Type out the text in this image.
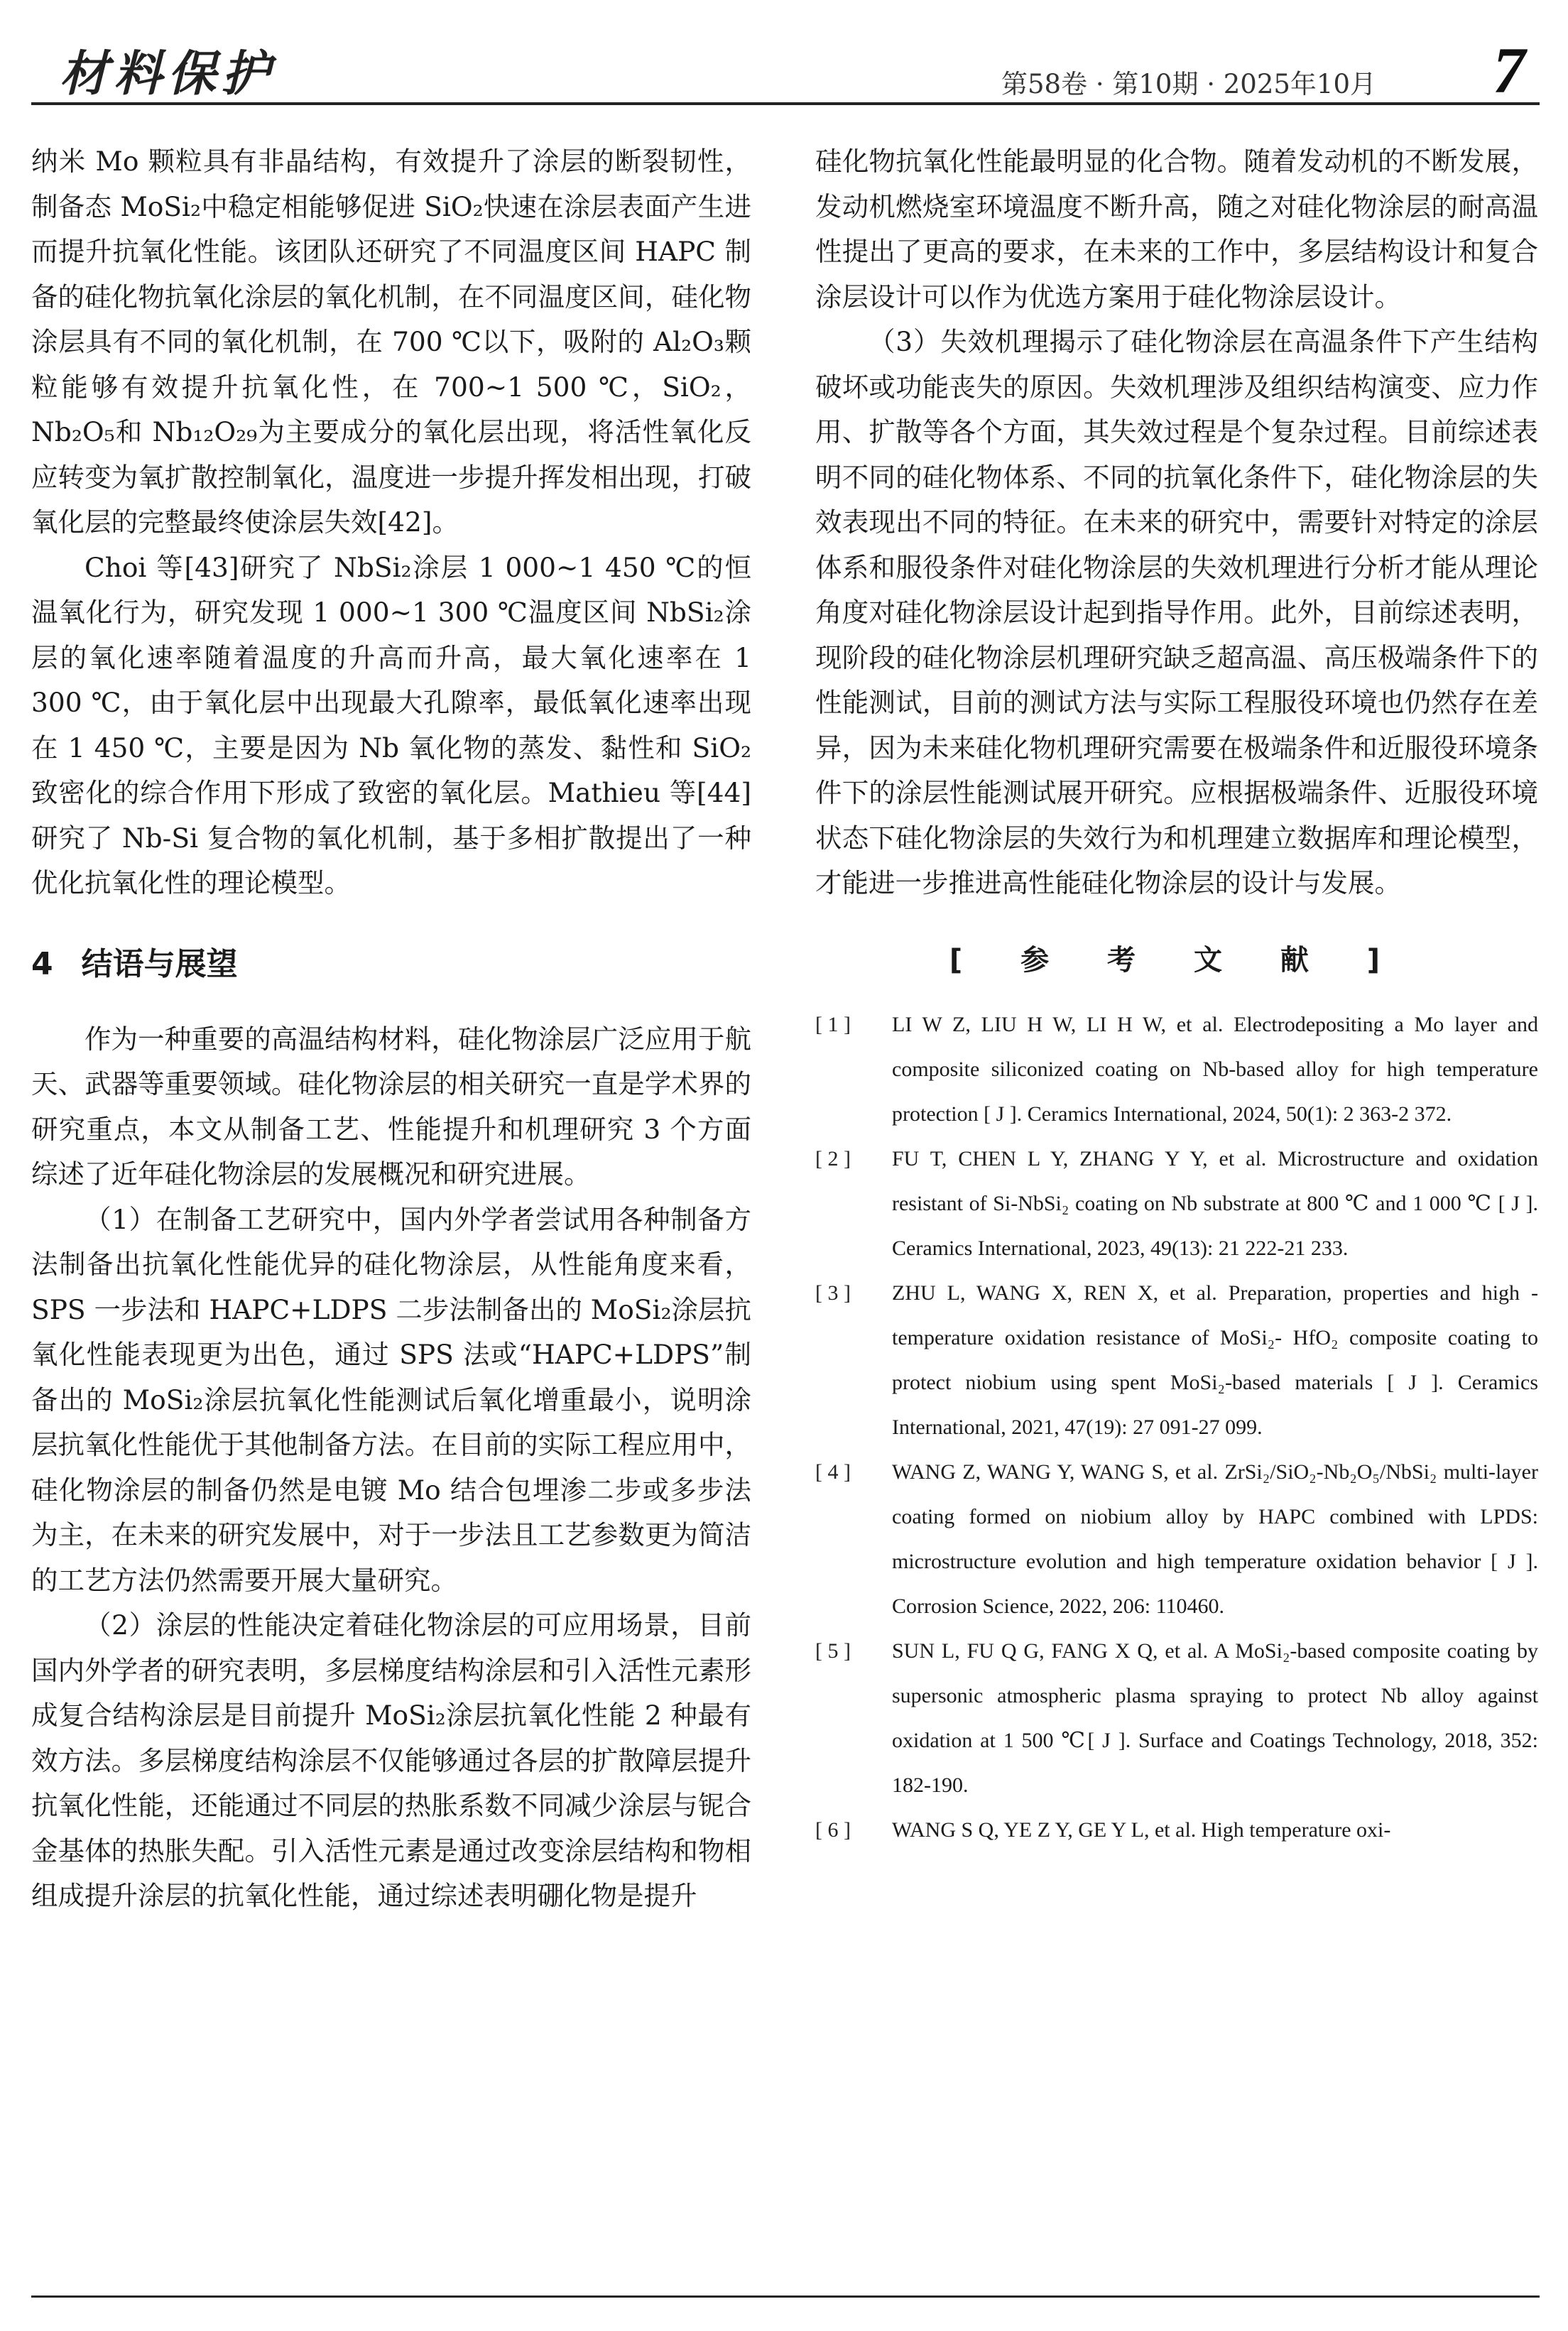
材料保护	第58卷 · 第10期 · 2025年10月 7

纳米 Mo 颗粒具有非晶结构，有效提升了涂层的断裂韧性，制备态 MoSi₂中稳定相能够促进 SiO₂快速在涂层表面产生进而提升抗氧化性能。该团队还研究了不同温度区间 HAPC 制备的硅化物抗氧化涂层的氧化机制，在不同温度区间，硅化物涂层具有不同的氧化机制，在 700 ℃以下，吸附的 Al₂O₃颗粒能够有效提升抗氧化性，在 700~1 500 ℃，SiO₂，Nb₂O₅和 Nb₁₂O₂₉为主要成分的氧化层出现，将活性氧化反应转变为氧扩散控制氧化，温度进一步提升挥发相出现，打破氧化层的完整最终使涂层失效[42]。

Choi 等[43]研究了 NbSi₂涂层 1 000~1 450 ℃的恒温氧化行为，研究发现 1 000~1 300 ℃温度区间 NbSi₂涂层的氧化速率随着温度的升高而升高，最大氧化速率在 1 300 ℃，由于氧化层中出现最大孔隙率，最低氧化速率出现在 1 450 ℃，主要是因为 Nb 氧化物的蒸发、黏性和 SiO₂致密化的综合作用下形成了致密的氧化层。Mathieu 等[44]研究了 Nb-Si 复合物的氧化机制，基于多相扩散提出了一种优化抗氧化性的理论模型。

4 结语与展望

作为一种重要的高温结构材料，硅化物涂层广泛应用于航天、武器等重要领域。硅化物涂层的相关研究一直是学术界的研究重点，本文从制备工艺、性能提升和机理研究 3 个方面综述了近年硅化物涂层的发展概况和研究进展。

（1）在制备工艺研究中，国内外学者尝试用各种制备方法制备出抗氧化性能优异的硅化物涂层，从性能角度来看，SPS 一步法和 HAPC+LDPS 二步法制备出的 MoSi₂涂层抗氧化性能表现更为出色，通过 SPS 法或“HAPC+LDPS”制备出的 MoSi₂涂层抗氧化性能测试后氧化增重最小，说明涂层抗氧化性能优于其他制备方法。在目前的实际工程应用中，硅化物涂层的制备仍然是电镀 Mo 结合包埋渗二步或多步法为主，在未来的研究发展中，对于一步法且工艺参数更为简洁的工艺方法仍然需要开展大量研究。

（2）涂层的性能决定着硅化物涂层的可应用场景，目前国内外学者的研究表明，多层梯度结构涂层和引入活性元素形成复合结构涂层是目前提升 MoSi₂涂层抗氧化性能 2 种最有效方法。多层梯度结构涂层不仅能够通过各层的扩散障层提升抗氧化性能，还能通过不同层的热胀系数不同减少涂层与铌合金基体的热胀失配。引入活性元素是通过改变涂层结构和物相组成提升涂层的抗氧化性能，通过综述表明硼化物是提升

硅化物抗氧化性能最明显的化合物。随着发动机的不断发展，发动机燃烧室环境温度不断升高，随之对硅化物涂层的耐高温性提出了更高的要求，在未来的工作中，多层结构设计和复合涂层设计可以作为优选方案用于硅化物涂层设计。

（3）失效机理揭示了硅化物涂层在高温条件下产生结构破坏或功能丧失的原因。失效机理涉及组织结构演变、应力作用、扩散等各个方面，其失效过程是个复杂过程。目前综述表明不同的硅化物体系、不同的抗氧化条件下，硅化物涂层的失效表现出不同的特征。在未来的研究中，需要针对特定的涂层体系和服役条件对硅化物涂层的失效机理进行分析才能从理论角度对硅化物涂层设计起到指导作用。此外，目前综述表明，现阶段的硅化物涂层机理研究缺乏超高温、高压极端条件下的性能测试，目前的测试方法与实际工程服役环境也仍然存在差异，因为未来硅化物机理研究需要在极端条件和近服役环境条件下的涂层性能测试展开研究。应根据极端条件、近服役环境状态下硅化物涂层的失效行为和机理建立数据库和理论模型，才能进一步推进高性能硅化物涂层的设计与发展。

[ 参 考 文 献 ]
[ 1 ]	LI W Z, LIU H W, LI H W, et al. Electrodepositing a Mo layer and composite siliconized coating on Nb-based alloy for high temperature protection [ J ]. Ceramics International, 2024, 50(1): 2 363-2 372.
[ 2 ]	FU T, CHEN L Y, ZHANG Y Y, et al. Microstructure and oxidation resistant of Si-NbSi₂ coating on Nb substrate at 800 ℃ and 1 000 ℃ [ J ]. Ceramics International, 2023, 49(13): 21 222-21 233.
[ 3 ]	ZHU L, WANG X, REN X, et al. Preparation, properties and high - temperature oxidation resistance of MoSi₂- HfO₂ composite coating to protect niobium using spent MoSi₂-based materials [ J ]. Ceramics International, 2021, 47(19): 27 091-27 099.
[ 4 ]	WANG Z, WANG Y, WANG S, et al. ZrSi₂/SiO₂-Nb₂O₅/NbSi₂ multi-layer coating formed on niobium alloy by HAPC combined with LPDS: microstructure evolution and high temperature oxidation behavior [ J ]. Corrosion Science, 2022, 206: 110460.
[ 5 ]	SUN L, FU Q G, FANG X Q, et al. A MoSi₂-based composite coating by supersonic atmospheric plasma spraying to protect Nb alloy against oxidation at 1 500 ℃[ J ]. Surface and Coatings Technology, 2018, 352: 182-190.
[ 6 ]	WANG S Q, YE Z Y, GE Y L, et al. High temperature oxi-
